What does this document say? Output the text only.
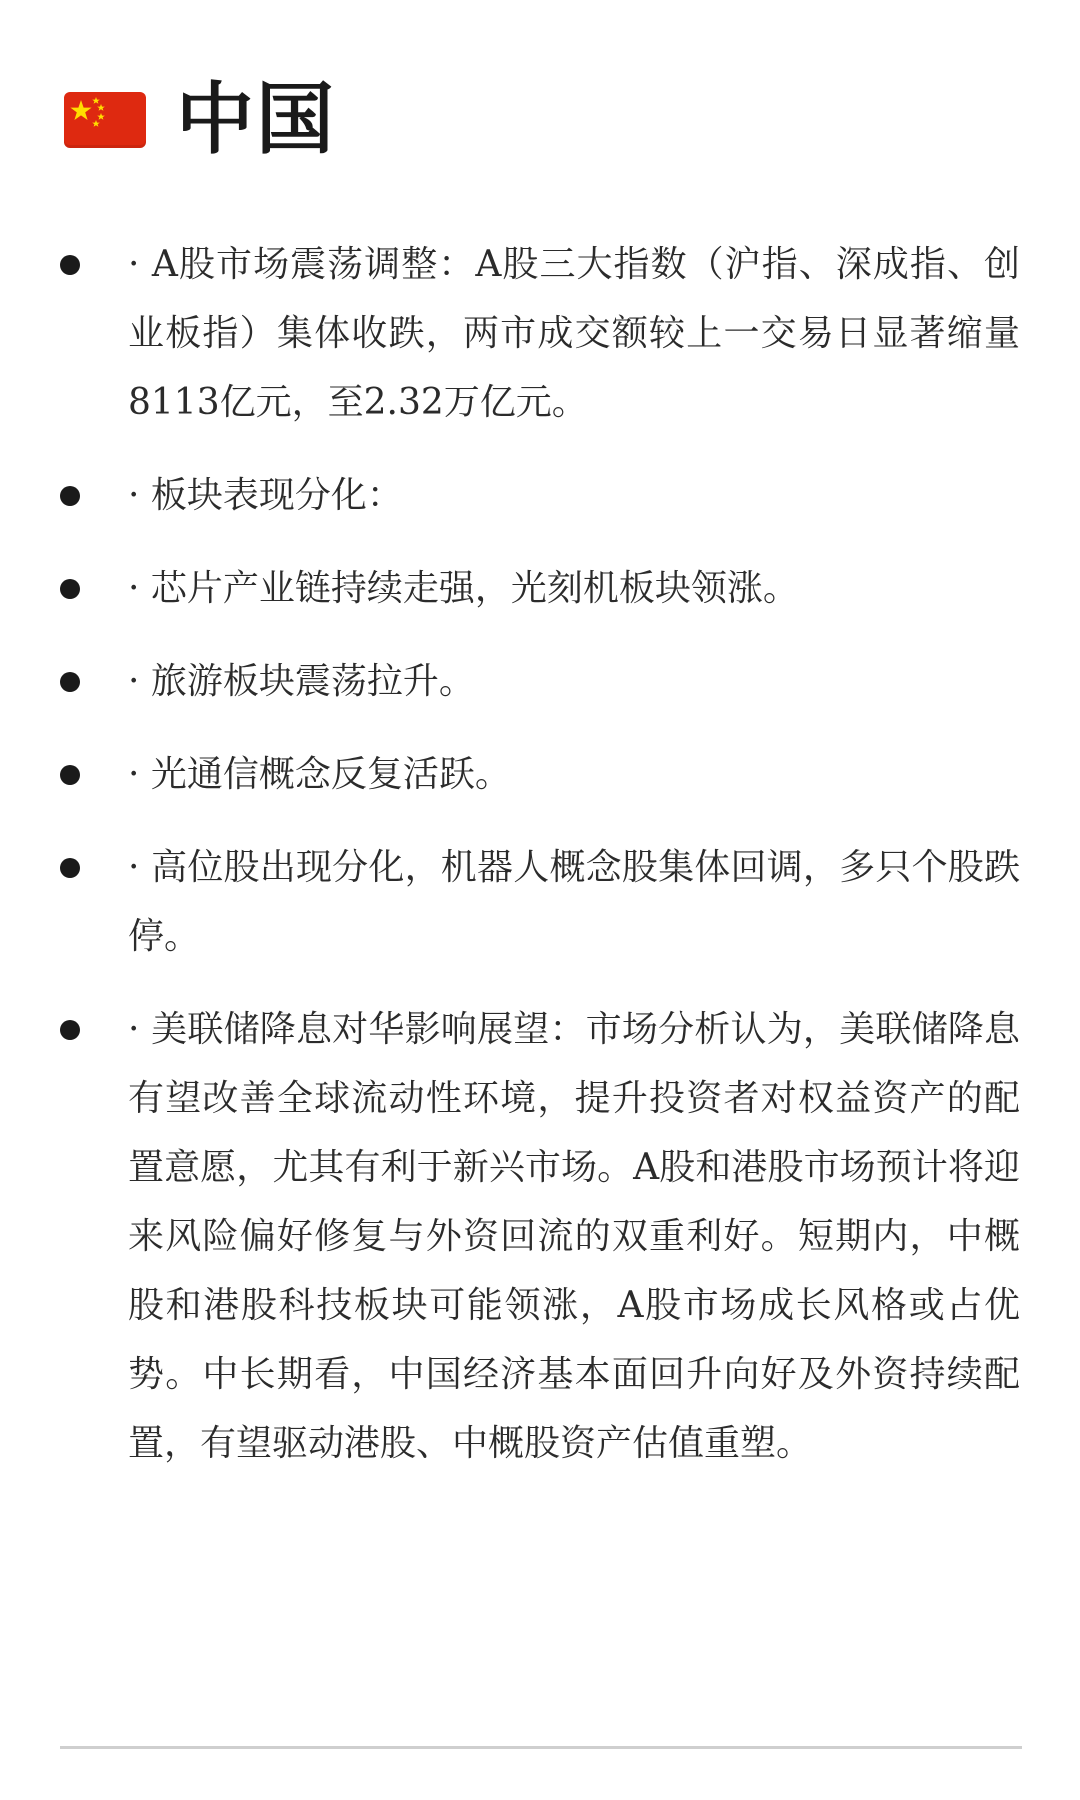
中国
· A股市场震荡调整：A股三大指数（沪指、深成指、创业板指）集体收跌，两市成交额较上一交易日显著缩量8113亿元，至2.32万亿元。
· 板块表现分化：
· 芯片产业链持续走强，光刻机板块领涨。
· 旅游板块震荡拉升。
· 光通信概念反复活跃。
· 高位股出现分化，机器人概念股集体回调，多只个股跌停。
· 美联储降息对华影响展望：市场分析认为，美联储降息有望改善全球流动性环境，提升投资者对权益资产的配置意愿，尤其有利于新兴市场。A股和港股市场预计将迎来风险偏好修复与外资回流的双重利好。短期内，中概股和港股科技板块可能领涨，A股市场成长风格或占优势。中长期看，中国经济基本面回升向好及外资持续配置，有望驱动港股、中概股资产估值重塑。
